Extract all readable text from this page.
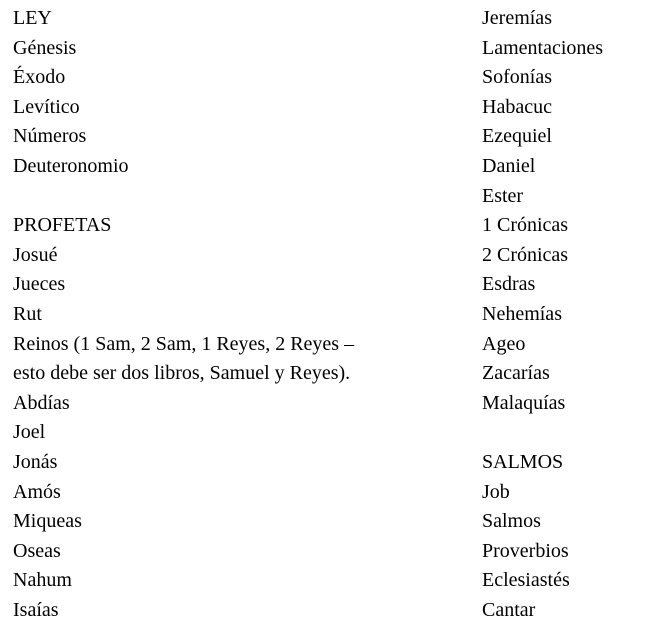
LEY
Génesis
Éxodo
Levítico
Números
Deuteronomio
PROFETAS
Josué
Jueces
Rut
Reinos (1 Sam, 2 Sam, 1 Reyes, 2 Reyes –
esto debe ser dos libros, Samuel y Reyes).
Abdías
Joel
Jonás
Amós
Miqueas
Oseas
Nahum
Isaías
Jeremías
Lamentaciones
Sofonías
Habacuc
Ezequiel
Daniel
Ester
1 Crónicas
2 Crónicas
Esdras
Nehemías
Ageo
Zacarías
Malaquías
SALMOS
Job
Salmos
Proverbios
Eclesiastés
Cantar
